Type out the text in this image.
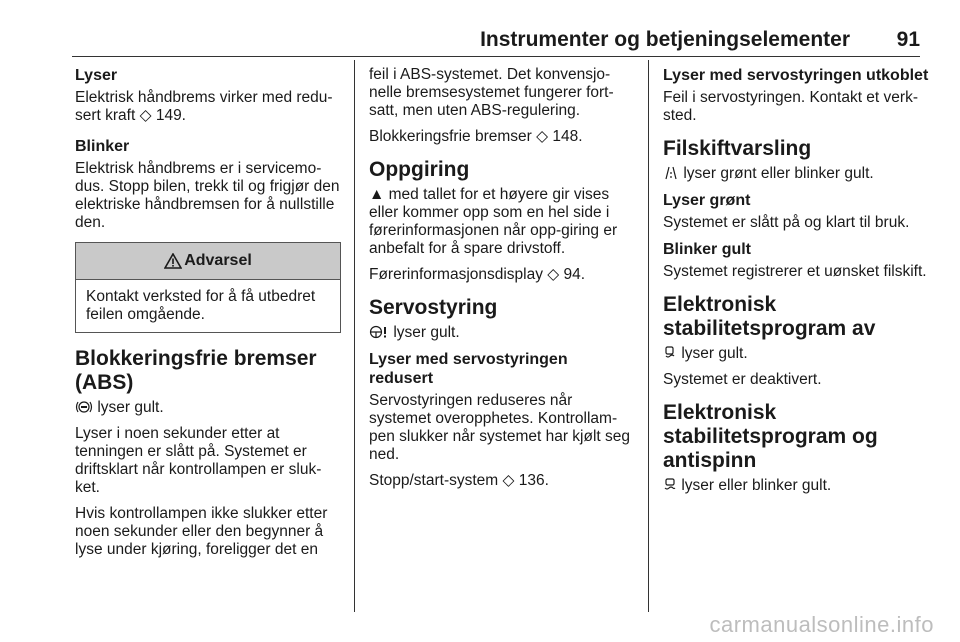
Instrumenter og betjeningselementer 91
Lyser

Elektrisk håndbrems virker med redu-sert kraft ◇ 149.

Blinker

Elektrisk håndbrems er i servicemo-dus. Stopp bilen, trekk til og frigjør den elektriske håndbremsen for å nullstille den.

Advarsel
Kontakt verksted for å få utbedret feilen omgående.
Blokkeringsfrie bremser (ABS)

lyser gult.

Lyser i noen sekunder etter at tenningen er slått på. Systemet er driftsklart når kontrollampen er sluk-ket.

Hvis kontrollampen ikke slukker etter noen sekunder eller den begynner å lyse under kjøring, foreligger det en

feil i ABS-systemet. Det konvensjo-nelle bremsesystemet fungerer fort-satt, men uten ABS-regulering.

Blokkeringsfrie bremser ◇ 148.

Oppgiring

▲ med tallet for et høyere gir vises eller kommer opp som en hel side i førerinformasjonen når opp-giring er anbefalt for å spare drivstoff.

Førerinformasjonsdisplay ◇ 94.

Servostyring

lyser gult.

Lyser med servostyringen redusert

Servostyringen reduseres når systemet overopphetes. Kontrollam-pen slukker når systemet har kjølt seg ned.

Stopp/start-system ◇ 136.

Lyser med servostyringen utkoblet

Feil i servostyringen. Kontakt et verk-sted.

Filskiftvarsling

lyser grønt eller blinker gult.

Lyser grønt

Systemet er slått på og klart til bruk.

Blinker gult

Systemet registrerer et uønsket filskift.

Elektronisk stabilitetsprogram av

lyser gult.

Systemet er deaktivert.

Elektronisk stabilitetsprogram og antispinn

lyser eller blinker gult.

carmanualsonline.info
